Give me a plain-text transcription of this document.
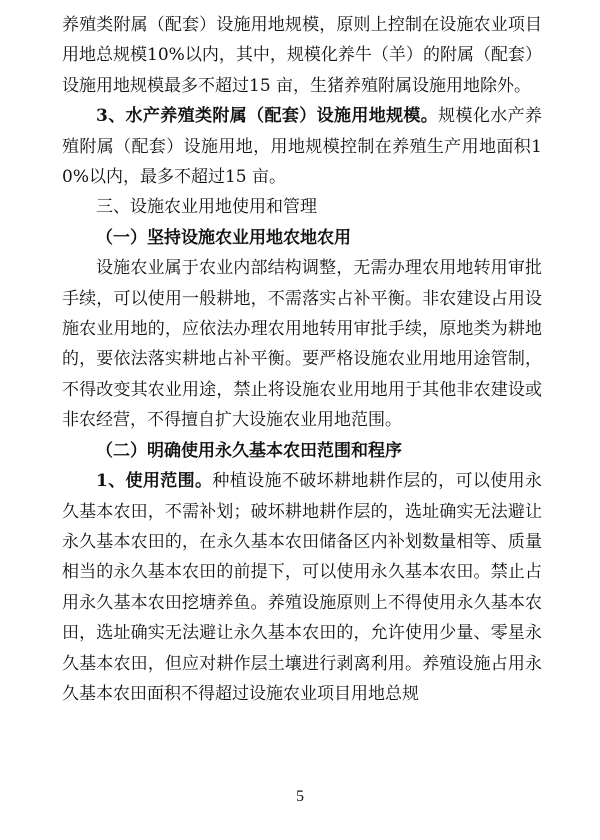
养殖类附属（配套）设施用地规模，原则上控制在设施农业项目用地总规模10%以内，其中，规模化养牛（羊）的附属（配套）设施用地规模最多不超过15 亩，生猪养殖附属设施用地除外。

3、水产养殖类附属（配套）设施用地规模。规模化水产养殖附属（配套）设施用地，用地规模控制在养殖生产用地面积10%以内，最多不超过15 亩。

三、设施农业用地使用和管理

（一）坚持设施农业用地农地农用

设施农业属于农业内部结构调整，无需办理农用地转用审批手续，可以使用一般耕地，不需落实占补平衡。非农建设占用设施农业用地的，应依法办理农用地转用审批手续，原地类为耕地的，要依法落实耕地占补平衡。要严格设施农业用地用途管制，不得改变其农业用途，禁止将设施农业用地用于其他非农建设或非农经营，不得擅自扩大设施农业用地范围。

（二）明确使用永久基本农田范围和程序

1、使用范围。种植设施不破坏耕地耕作层的，可以使用永久基本农田，不需补划；破坏耕地耕作层的，选址确实无法避让永久基本农田的，在永久基本农田储备区内补划数量相等、质量相当的永久基本农田的前提下，可以使用永久基本农田。禁止占用永久基本农田挖塘养鱼。养殖设施原则上不得使用永久基本农田，选址确实无法避让永久基本农田的，允许使用少量、零星永久基本农田，但应对耕作层土壤进行剥离利用。养殖设施占用永久基本农田面积不得超过设施农业项目用地总规

5
